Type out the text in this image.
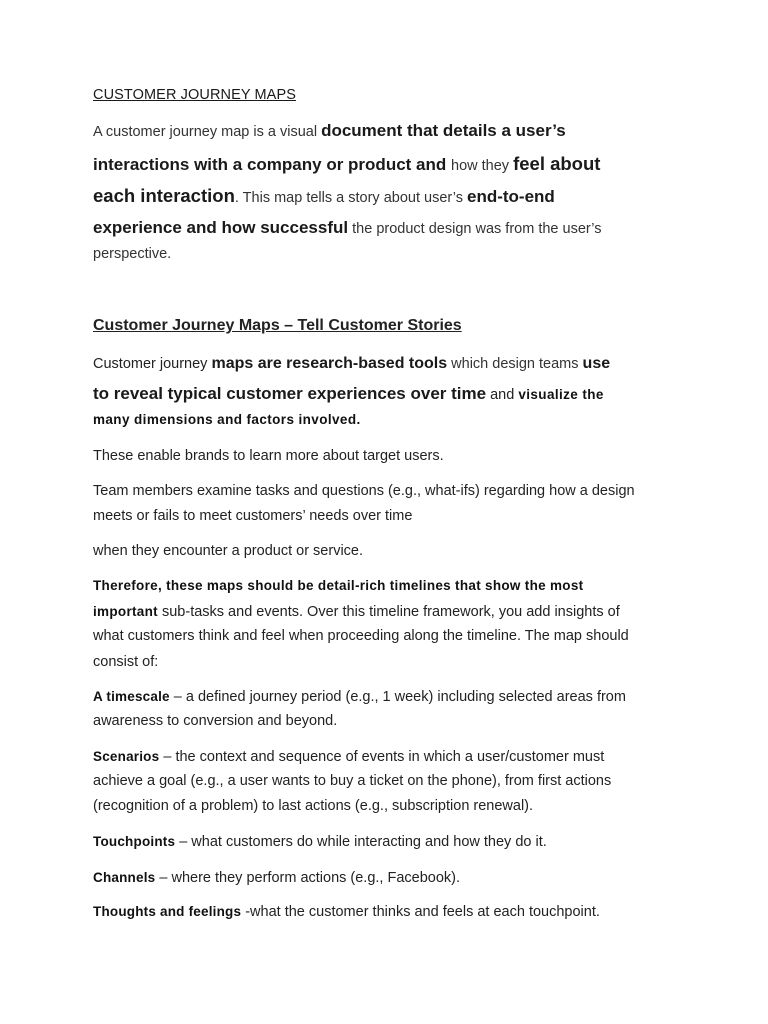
CUSTOMER JOURNEY MAPS
A customer journey map is a visual document that details a user’s
interactions with a company or product and how they feel about
each interaction. This map tells a story about user’s end-to-end
experience and how successful the product design was from the user’s
perspective.
Customer Journey Maps – Tell Customer Stories
Customer journey maps are research-based tools which design teams use
to reveal typical customer experiences over time and visualize the
many dimensions and factors involved.
These enable brands to learn more about target users.
Team members examine tasks and questions (e.g., what-ifs) regarding how a design
meets or fails to meet customers’ needs over time
when they encounter a product or service.
Therefore, these maps should be detail-rich timelines that show the most
important sub-tasks and events. Over this timeline framework, you add insights of
what customers think and feel when proceeding along the timeline. The map should
consist of:
A timescale – a defined journey period (e.g., 1 week) including selected areas from
awareness to conversion and beyond.
Scenarios – the context and sequence of events in which a user/customer must
achieve a goal (e.g., a user wants to buy a ticket on the phone), from first actions
(recognition of a problem) to last actions (e.g., subscription renewal).
Touchpoints – what customers do while interacting and how they do it.
Channels – where they perform actions (e.g., Facebook).
Thoughts and feelings -what the customer thinks and feels at each touchpoint.
